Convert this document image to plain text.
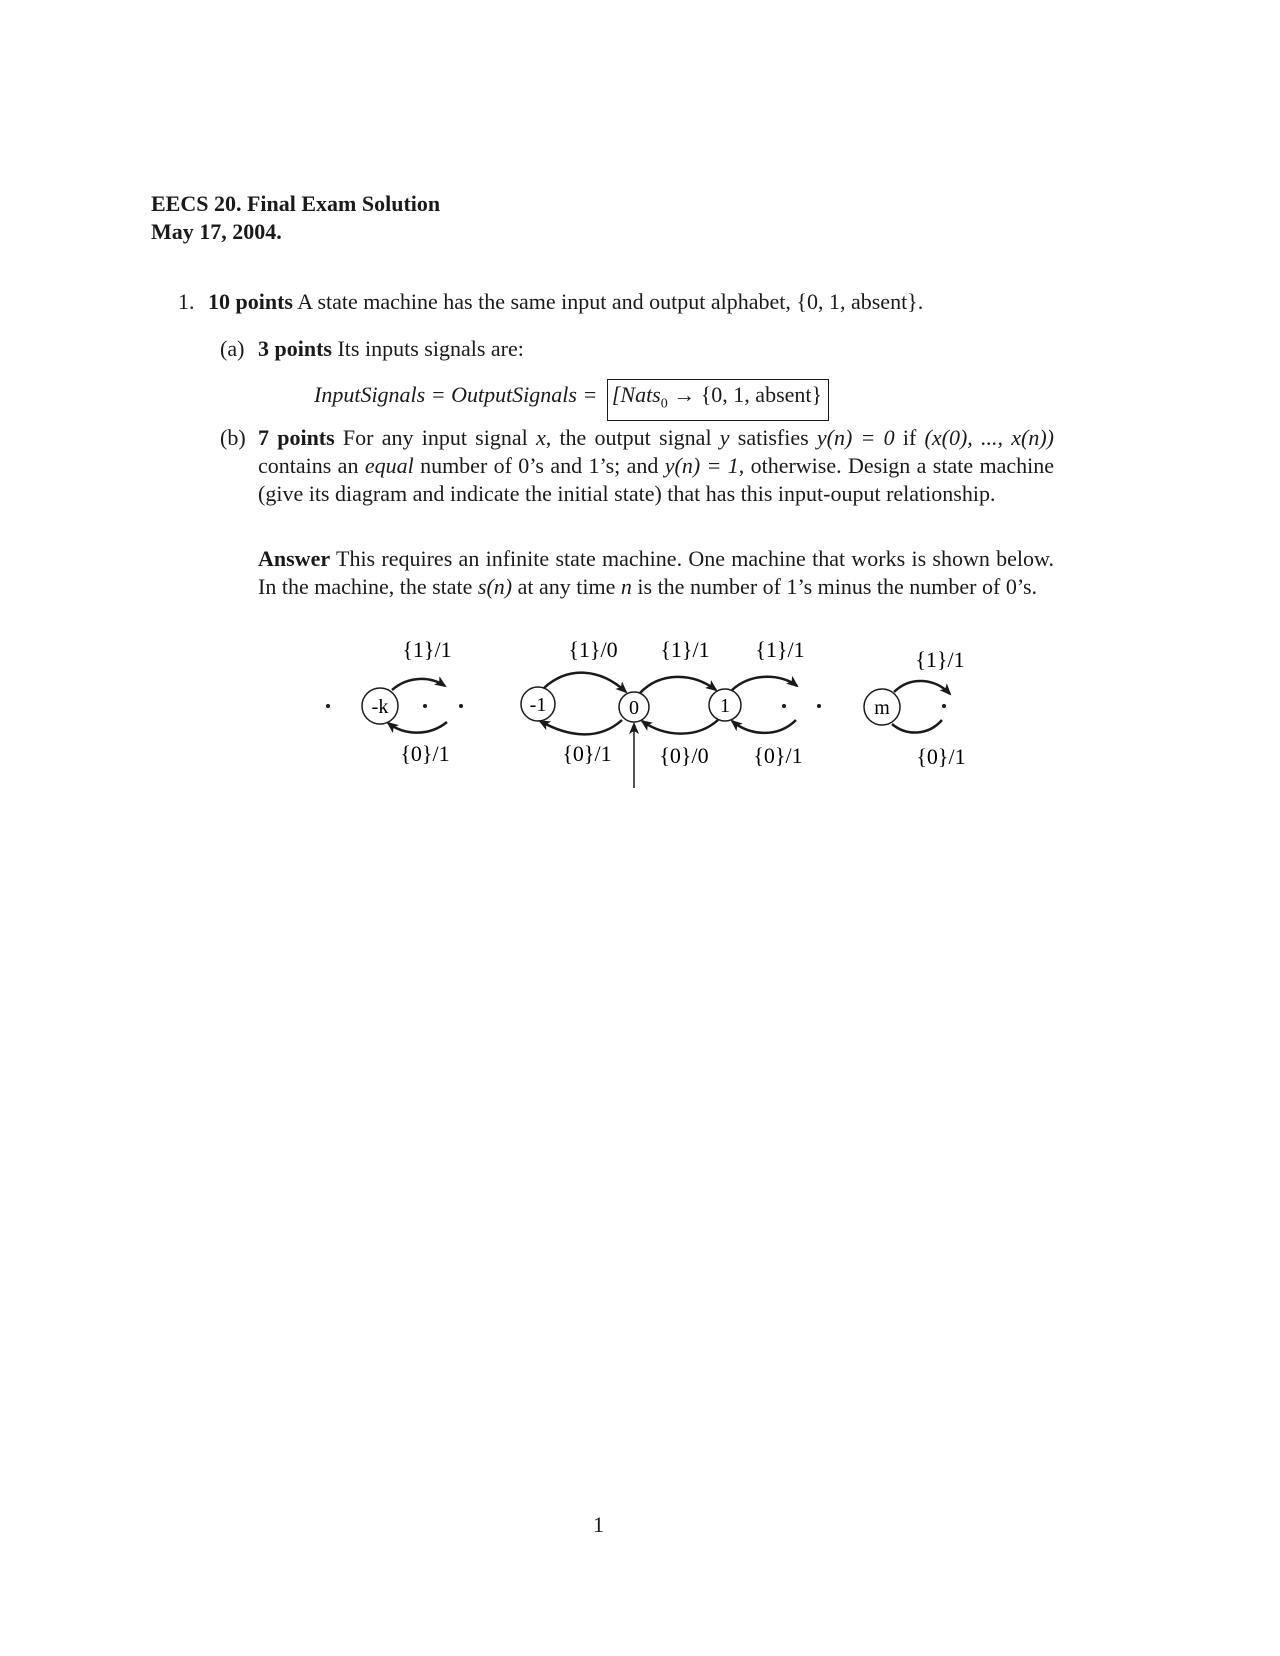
EECS 20. Final Exam Solution
May 17, 2004.
1. 10 points A state machine has the same input and output alphabet, {0, 1, absent}.
(a) 3 points Its inputs signals are:
InputSignals = OutputSignals = [Nats$_0$ → {0, 1, absent}
(b) 7 points For any input signal x, the output signal y satisfies y(n) = 0 if (x(0), ..., x(n)) contains an equal number of 0’s and 1’s; and y(n) = 1, otherwise. Design a state machine (give its diagram and indicate the initial state) that has this input-ouput relationship.

Answer This requires an infinite state machine. One machine that works is shown below. In the machine, the state s(n) at any time n is the number of 1’s minus the number of 0’s.

{1}/1	{1}/0 {1}/1 {1}/1	{1}/1
{0}/1	{0}/1 {0}/0 {0}/1	{0}/1
-k	-1	0	1	m
1
